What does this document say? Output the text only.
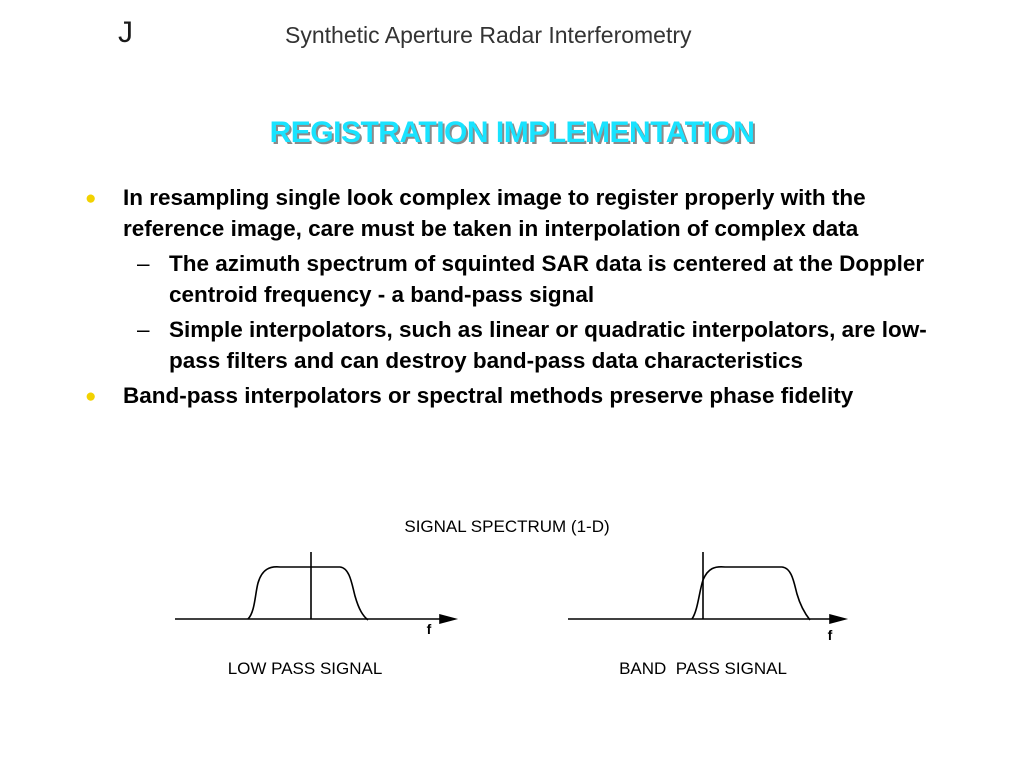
J	Synthetic Aperture Radar Interferometry
REGISTRATION IMPLEMENTATION
● In resampling single look complex image to register properly with the reference image, care must be taken in interpolation of complex data
– The azimuth spectrum of squinted SAR data is centered at the Doppler centroid frequency - a band-pass signal
– Simple interpolators, such as linear or quadratic interpolators, are low-pass filters and can destroy band-pass data characteristics
● Band-pass interpolators or spectral methods preserve phase fidelity
SIGNAL SPECTRUM (1-D)
f
LOW PASS SIGNAL
f
BAND  PASS SIGNAL
